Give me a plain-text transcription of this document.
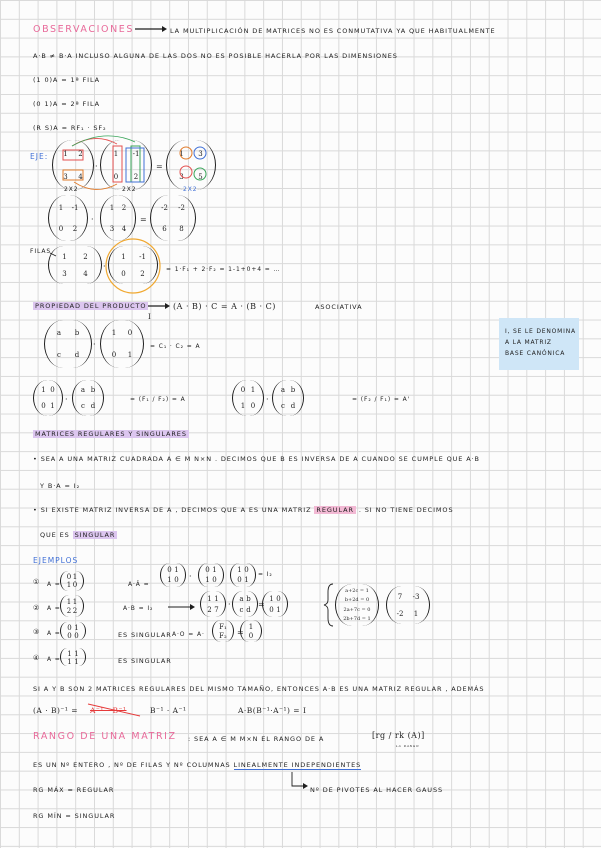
OBSERVACIONES	LA MULTIPLICACIÓN DE MATRICES NO ES CONMUTATIVA YA QUE HABITUALMENTE
A·B ≠ B·A INCLUSO ALGUNA DE LAS DOS NO ES POSIBLE HACERLA POR LAS DIMENSIONES
(1 0)A = 1ª FILA
(0 1)A = 2ª FILA
(R S)A = RF₁ · SF₂
EJE:
2X2	2X2	2X2
FILAS
= 1·F₁ + 2·F₂ = 1-1+0+4 = …
PROPIEDAD DEL PRODUCTO	(A · B) · C = A · (B · C)	ASOCIATIVA
I
= C₁ · C₂ = A
I, SE LE DENOMINA
A LA MATRIZ
BASE CANÓNICA
= (F₁ / F₂) = A	= (F₂ / F₁) = A'
MATRICES REGULARES Y SINGULARES
• SEA A UNA MATRIZ CUADRADA A ∈ M N×N . DECIMOS QUE B ES INVERSA DE A CUANDO SE CUMPLE QUE A·B
Y B·A = I₂
• SI EXISTE MATRIZ INVERSA DE A , DECIMOS QUE A ES UNA MATRIZ REGULAR . SI NO TIENE DECIMOS
QUE ES SINGULAR
EJEMPLOS
①
②
③
④
A =	A·Â =
= I₂
A =	A·B = I₂
A =	ES SINGULAR A·O = A·
A =	ES SINGULAR
SI A Y B SON 2 MATRICES REGULARES DEL MISMO TAMAÑO, ENTONCES A·B ES UNA MATRIZ REGULAR , ADEMÁS
(A · B)⁻¹ = A⁻¹ · B⁻¹	B⁻¹ · A⁻¹	A·B(B⁻¹·A⁻¹) = I
RANGO DE UNA MATRIZ : SEA A ∈ M M×N EL RANGO DE A	[rg / rk (A)]
la rango
ES UN Nº ENTERO , Nº DE FILAS Y Nº COLUMNAS LINEALMENTE INDEPENDIENTES
RG MÁX = REGULAR	Nº DE PIVOTES AL HACER GAUSS
RG MÍN = SINGULAR
1 2
3 4
1 -1
0 2
1 3
3 5
1 -1
0 2
1 2
3 4
-2 -2
6 8
1 2
3 4
1 -1
0 2
a b
c d
1 0
0 1
1 0
0 1
a b
c d
0 1
1 0
a b
c d
0 1
1 0
0 1
1 0
0 1
1 0
1 0
0 1
1 1
2 2
1 1
2 7
a b
c d
1 0
0 1
0 1
0 0
F₁
F₂
1
0
1 1
1 1
a+2c = 1
b+2d = 0
2a+7c = 0
2b+7d = 1
7 -3
-2 1
·	=
·	=
·
·
·	·
·
·	=
=
